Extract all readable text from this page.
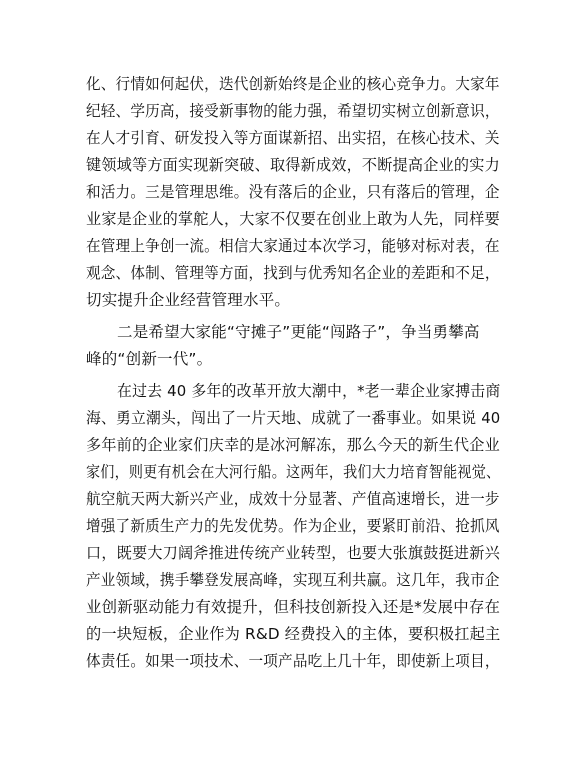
化、行情如何起伏，迭代创新始终是企业的核心竞争力。大家年
纪轻、学历高，接受新事物的能力强，希望切实树立创新意识，
在人才引育、研发投入等方面谋新招、出实招，在核心技术、关
键领域等方面实现新突破、取得新成效，不断提高企业的实力
和活力。三是管理思维。没有落后的企业，只有落后的管理，企
业家是企业的掌舵人，大家不仅要在创业上敢为人先，同样要
在管理上争创一流。相信大家通过本次学习，能够对标对表，在
观念、体制、管理等方面，找到与优秀知名企业的差距和不足，
切实提升企业经营管理水平。
二是希望大家能“守摊子”更能“闯路子”，争当勇攀高
峰的“创新一代”。
在过去 40 多年的改革开放大潮中，*老一辈企业家搏击商
海、勇立潮头，闯出了一片天地、成就了一番事业。如果说 40
多年前的企业家们庆幸的是冰河解冻，那么今天的新生代企业
家们，则更有机会在大河行船。这两年，我们大力培育智能视觉、
航空航天两大新兴产业，成效十分显著、产值高速增长，进一步
增强了新质生产力的先发优势。作为企业，要紧盯前沿、抢抓风
口，既要大刀阔斧推进传统产业转型，也要大张旗鼓挺进新兴
产业领域，携手攀登发展高峰，实现互利共赢。这几年，我市企
业创新驱动能力有效提升，但科技创新投入还是*发展中存在
的一块短板，企业作为 R&D 经费投入的主体，要积极扛起主
体责任。如果一项技术、一项产品吃上几十年，即使新上项目，
